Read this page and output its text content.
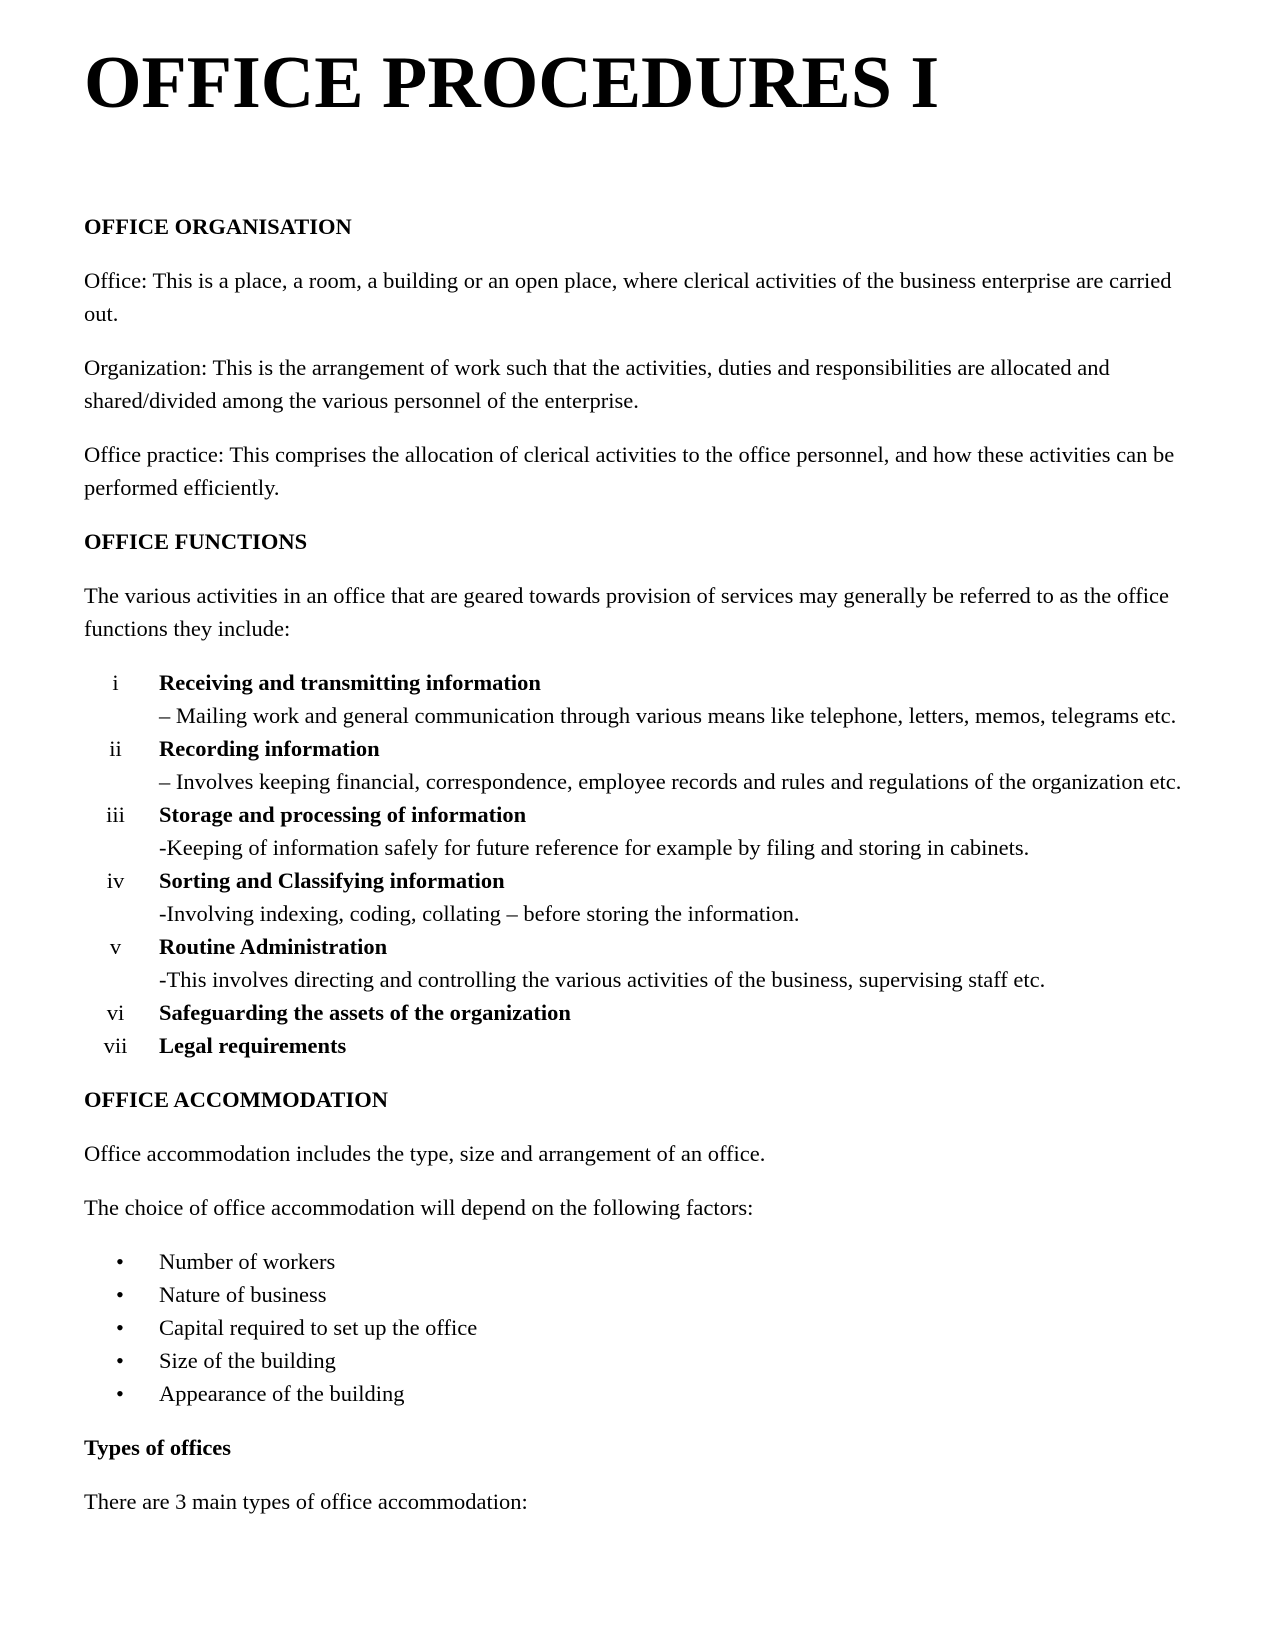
OFFICE PROCEDURES I
OFFICE ORGANISATION

Office: This is a place, a room, a building or an open place, where clerical activities of the business enterprise are carried out.

Organization: This is the arrangement of work such that the activities, duties and responsibilities are allocated and shared/divided among the various personnel of the enterprise.

Office practice: This comprises the allocation of clerical activities to the office personnel, and how these activities can be performed efficiently.

OFFICE FUNCTIONS

The various activities in an office that are geared towards provision of services may generally be referred to as the office functions they include:

i	Receiving and transmitting information
– Mailing work and general communication through various means like telephone, letters, memos, telegrams etc.
ii	Recording information
– Involves keeping financial, correspondence, employee records and rules and regulations of the organization etc.
iii	Storage and processing of information
-Keeping of information safely for future reference for example by filing and storing in cabinets.
iv	Sorting and Classifying information
-Involving indexing, coding, collating – before storing the information.
v	Routine Administration
-This involves directing and controlling the various activities of the business, supervising staff etc.
vi	Safeguarding the assets of the organization
vii	Legal requirements
OFFICE ACCOMMODATION

Office accommodation includes the type, size and arrangement of an office.

The choice of office accommodation will depend on the following factors:

• Number of workers
• Nature of business
• Capital required to set up the office
• Size of the building
• Appearance of the building
Types of offices

There are 3 main types of office accommodation:
